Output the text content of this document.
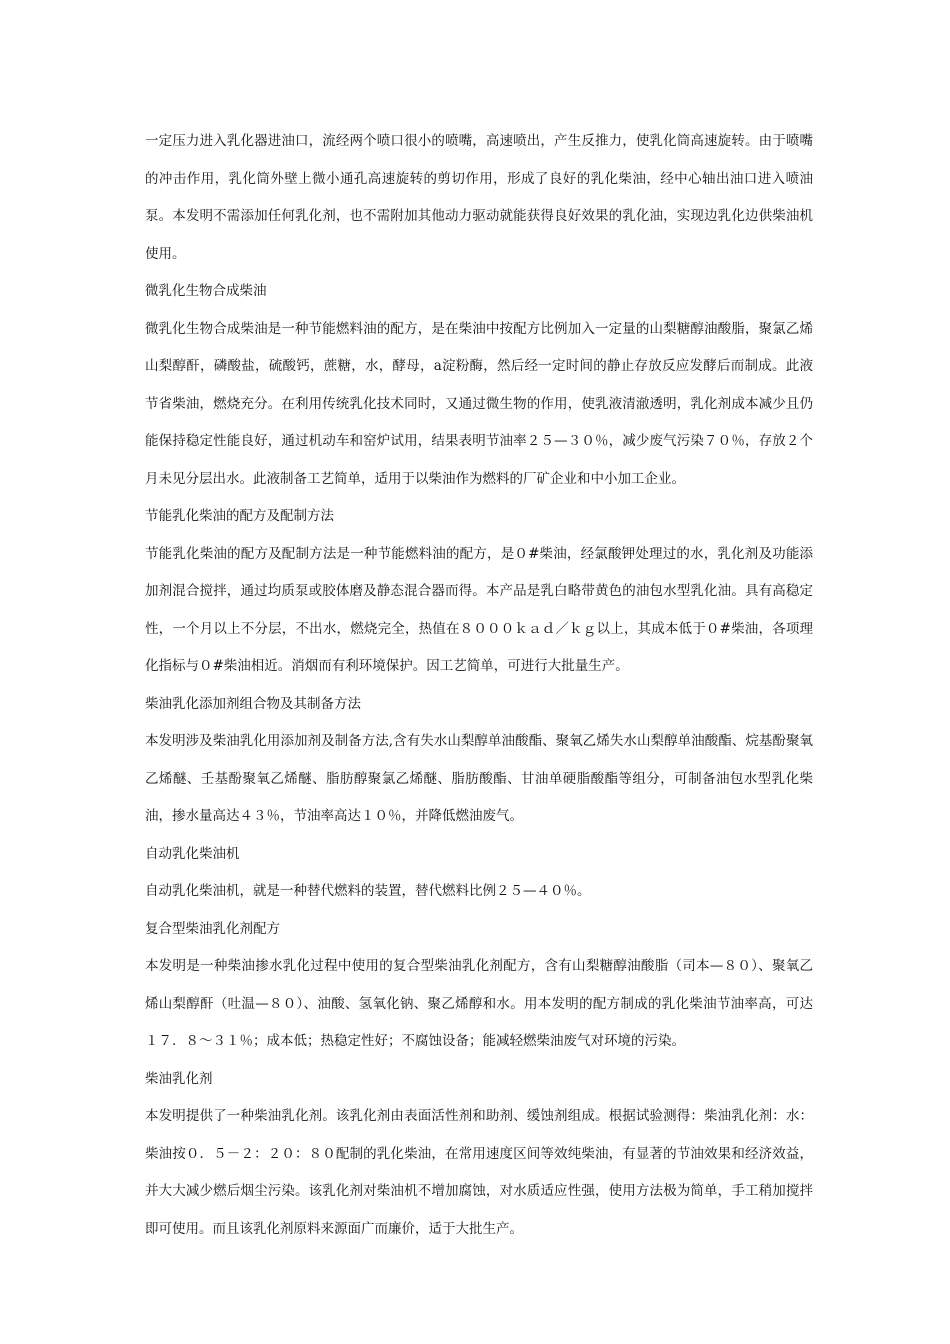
一定压力进入乳化器进油口，流经两个喷口很小的喷嘴，高速喷出，产生反推力，使乳化筒高速旋转。由于喷嘴的冲击作用，乳化筒外壁上微小通孔高速旋转的剪切作用，形成了良好的乳化柴油，经中心轴出油口进入喷油泵。本发明不需添加任何乳化剂，也不需附加其他动力驱动就能获得良好效果的乳化油，实现边乳化边供柴油机使用。

微乳化生物合成柴油

微乳化生物合成柴油是一种节能燃料油的配方，是在柴油中按配方比例加入一定量的山梨糖醇油酸脂，聚氯乙烯山梨醇酐，磷酸盐，硫酸钙，蔗糖，水，酵母，a淀粉酶，然后经一定时间的静止存放反应发酵后而制成。此液节省柴油，燃烧充分。在利用传统乳化技术同时，又通过微生物的作用，使乳液清澈透明，乳化剂成本减少且仍能保持稳定性能良好，通过机动车和窑炉试用，结果表明节油率２５—３０％，减少废气污染７０％，存放２个月未见分层出水。此液制备工艺简单，适用于以柴油作为燃料的厂矿企业和中小加工企业。

节能乳化柴油的配方及配制方法

节能乳化柴油的配方及配制方法是一种节能燃料油的配方，是０#柴油，经氯酸钾处理过的水，乳化剂及功能添加剂混合搅拌，通过均质泵或胶体磨及静态混合器而得。本产品是乳白略带黄色的油包水型乳化油。具有高稳定性，一个月以上不分层，不出水，燃烧完全，热值在８０００ｋａｄ／ｋｇ以上，其成本低于０#柴油，各项理化指标与０#柴油相近。消烟而有利环境保护。因工艺简单，可进行大批量生产。

柴油乳化添加剂组合物及其制备方法

本发明涉及柴油乳化用添加剂及制备方法,含有失水山梨醇单油酸酯、聚氧乙烯失水山梨醇单油酸酯、烷基酚聚氧乙烯醚、壬基酚聚氧乙烯醚、脂肪醇聚氯乙烯醚、脂肪酸酯、甘油单硬脂酸酯等组分，可制备油包水型乳化柴油，掺水量高达４３％，节油率高达１０％，并降低燃油废气。

自动乳化柴油机

自动乳化柴油机，就是一种替代燃料的装置，替代燃料比例２５—４０％。

复合型柴油乳化剂配方

本发明是一种柴油掺水乳化过程中使用的复合型柴油乳化剂配方，含有山梨糖醇油酸脂（司本—８０）、聚氧乙烯山梨醇酐（吐温—８０）、油酸、氢氧化钠、聚乙烯醇和水。用本发明的配方制成的乳化柴油节油率高，可达１７．８～３１％；成本低；热稳定性好；不腐蚀设备；能减轻燃柴油废气对环境的污染。

柴油乳化剂

本发明提供了一种柴油乳化剂。该乳化剂由表面活性剂和助剂、缓蚀剂组成。根据试验测得：柴油乳化剂：水：柴油按０．５－２：２０：８０配制的乳化柴油，在常用速度区间等效纯柴油，有显著的节油效果和经济效益，并大大减少燃后烟尘污染。该乳化剂对柴油机不增加腐蚀，对水质适应性强，使用方法极为简单，手工稍加搅拌即可使用。而且该乳化剂原料来源面广而廉价，适于大批生产。
